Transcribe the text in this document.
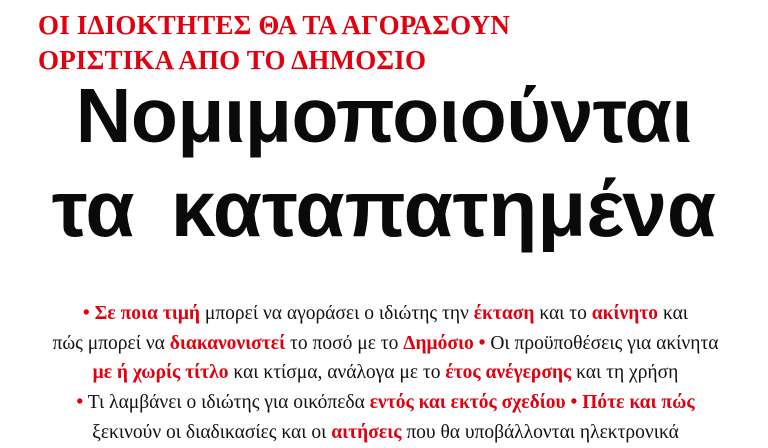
ΟΙ ΙΔΙΟΚΤΗΤΕΣ ΘΑ ΤΑ ΑΓΟΡΑΣΟΥΝ
ΟΡΙΣΤΙΚΑ ΑΠΟ ΤΟ ΔΗΜΟΣΙΟ
Νομιμοποιούνται
τα καταπατημένα

• Σε ποια τιμή μπορεί να αγοράσει ο ιδιώτης την έκταση και το ακίνητο και

πώς μπορεί να διακανονιστεί το ποσό με το Δημόσιο • Οι προϋποθέσεις για ακίνητα

με ή χωρίς τίτλο και κτίσμα, ανάλογα με το έτος ανέγερσης και τη χρήση

• Τι λαμβάνει ο ιδιώτης για οικόπεδα εντός και εκτός σχεδίου • Πότε και πώς

ξεκινούν οι διαδικασίες και οι αιτήσεις που θα υποβάλλονται ηλεκτρονικά
